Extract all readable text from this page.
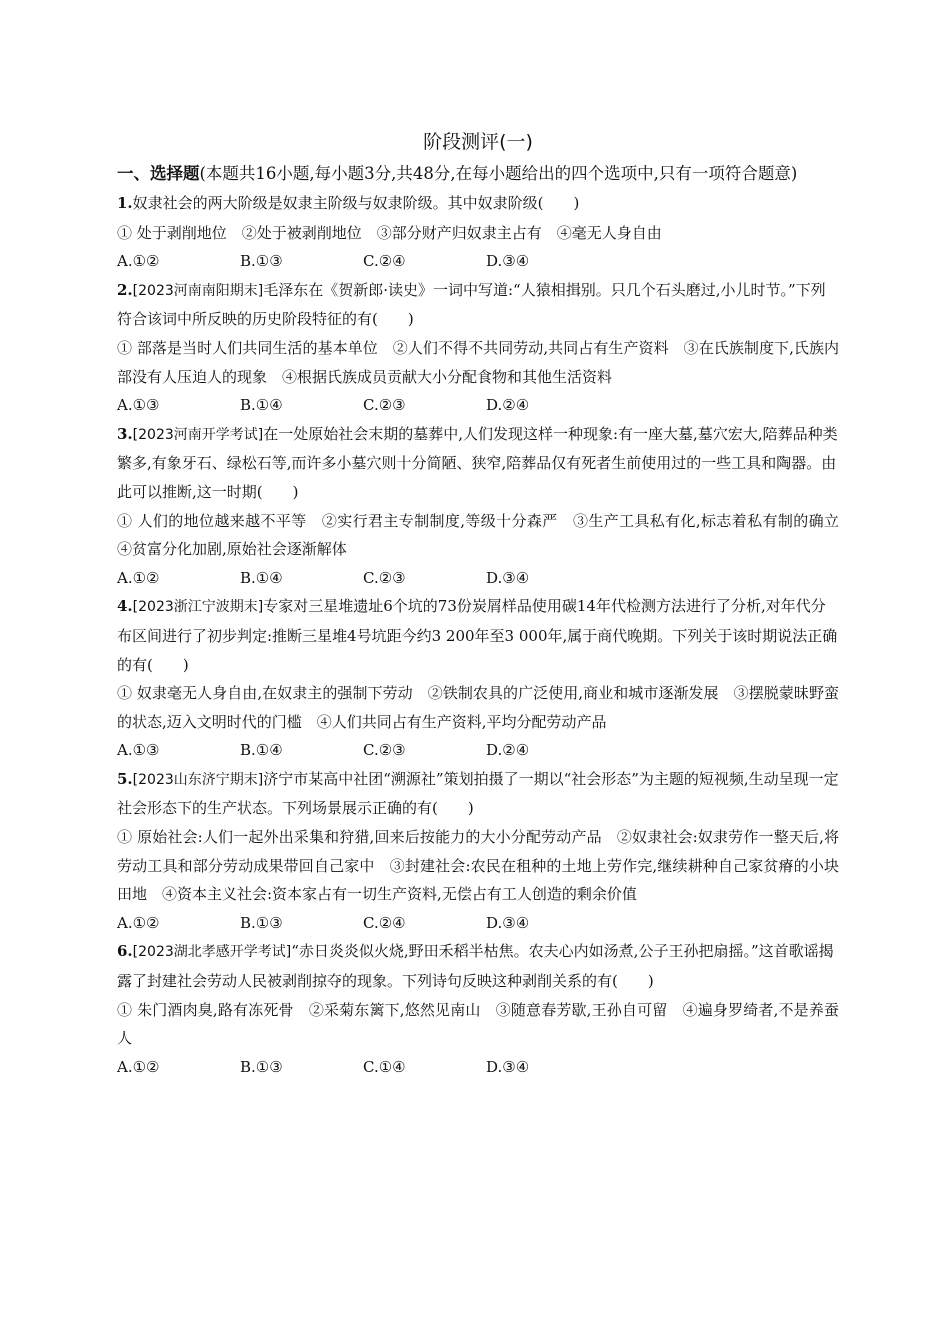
阶段测评(一)
一、选择题(本题共16小题,每小题3分,共48分,在每小题给出的四个选项中,只有一项符合题意)

1.奴隶社会的两大阶级是奴隶主阶级与奴隶阶级。其中奴隶阶级(　　)

① 处于剥削地位　②处于被剥削地位　③部分财产归奴隶主占有　④毫无人身自由

A.①②	B.①③	C.②④	D.③④

2.[2023河南南阳期末]毛泽东在《贺新郎·读史》一词中写道:“人猿相揖别。只几个石头磨过,小儿时节。”下列符合该词中所反映的历史阶段特征的有(　　)

① 部落是当时人们共同生活的基本单位　②人们不得不共同劳动,共同占有生产资料　③在氏族制度下,氏族内部没有人压迫人的现象　④根据氏族成员贡献大小分配食物和其他生活资料

A.①③	B.①④	C.②③	D.②④

3.[2023河南开学考试]在一处原始社会末期的墓葬中,人们发现这样一种现象:有一座大墓,墓穴宏大,陪葬品种类繁多,有象牙石、绿松石等,而许多小墓穴则十分简陋、狭窄,陪葬品仅有死者生前使用过的一些工具和陶器。由此可以推断,这一时期(　　)

① 人们的地位越来越不平等　②实行君主专制制度,等级十分森严　③生产工具私有化,标志着私有制的确立　④贫富分化加剧,原始社会逐渐解体

A.①②	B.①④	C.②③	D.③④

4.[2023浙江宁波期末]专家对三星堆遗址6个坑的73份炭屑样品使用碳14年代检测方法进行了分析,对年代分布区间进行了初步判定:推断三星堆4号坑距今约3 200年至3 000年,属于商代晚期。下列关于该时期说法正确的有(　　)

① 奴隶毫无人身自由,在奴隶主的强制下劳动　②铁制农具的广泛使用,商业和城市逐渐发展　③摆脱蒙昧野蛮的状态,迈入文明时代的门槛　④人们共同占有生产资料,平均分配劳动产品

A.①③	B.①④	C.②③	D.②④

5.[2023山东济宁期末]济宁市某高中社团“溯源社”策划拍摄了一期以“社会形态”为主题的短视频,生动呈现一定社会形态下的生产状态。下列场景展示正确的有(　　)

① 原始社会:人们一起外出采集和狩猎,回来后按能力的大小分配劳动产品　②奴隶社会:奴隶劳作一整天后,将劳动工具和部分劳动成果带回自己家中　③封建社会:农民在租种的土地上劳作完,继续耕种自己家贫瘠的小块田地　④资本主义社会:资本家占有一切生产资料,无偿占有工人创造的剩余价值

A.①②	B.①③	C.②④	D.③④

6.[2023湖北孝感开学考试]“赤日炎炎似火烧,野田禾稻半枯焦。农夫心内如汤煮,公子王孙把扇摇。”这首歌谣揭露了封建社会劳动人民被剥削掠夺的现象。下列诗句反映这种剥削关系的有(　　)

① 朱门酒肉臭,路有冻死骨　②采菊东篱下,悠然见南山　③随意春芳歇,王孙自可留　④遍身罗绮者,不是养蚕人

A.①②	B.①③	C.①④	D.③④
